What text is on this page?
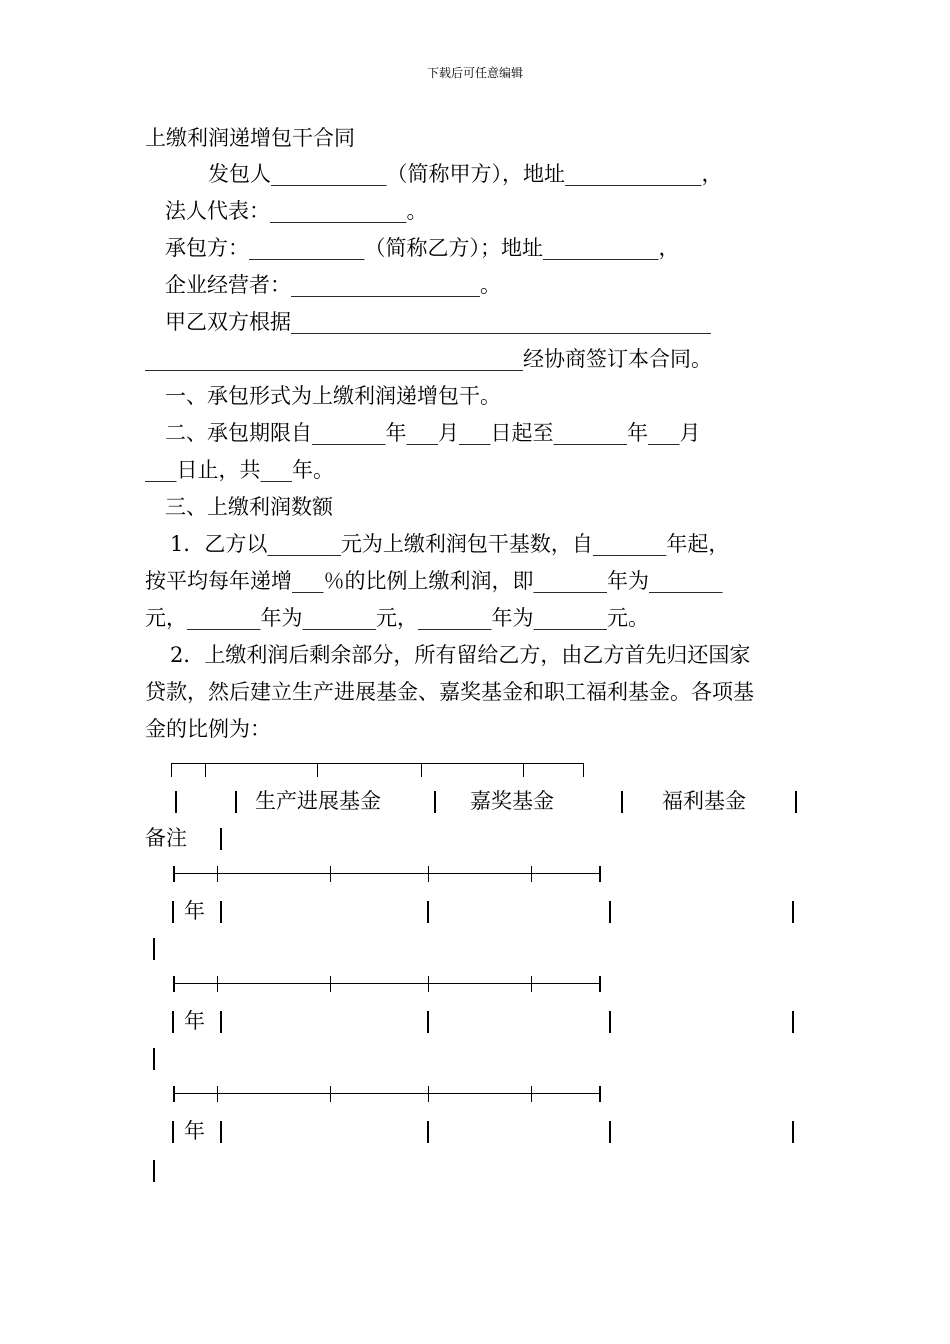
下载后可任意编辑
上缴利润递增包干合同
发包人___________（简称甲方），地址_____________，
法人代表：_____________。
承包方：___________（简称乙方）；地址___________，
企业经营者：__________________。
甲乙双方根据________________________________________
____________________________________经协商签订本合同。
一、承包形式为上缴利润递增包干。
二、承包期限自_______年___月___日起至_______年___月
___日止，共___年。
三、上缴利润数额
1．乙方以_______元为上缴利润包干基数，自_______年起，
按平均每年递增___％的比例上缴利润，即_______年为_______
元，_______年为_______元，_______年为_______元。
2．上缴利润后剩余部分，所有留给乙方，由乙方首先归还国家
贷款，然后建立生产进展基金、嘉奖基金和职工福利基金。各项基
金的比例为：
生产进展基金	嘉奖基金	福利基金
备注
年
年
年
